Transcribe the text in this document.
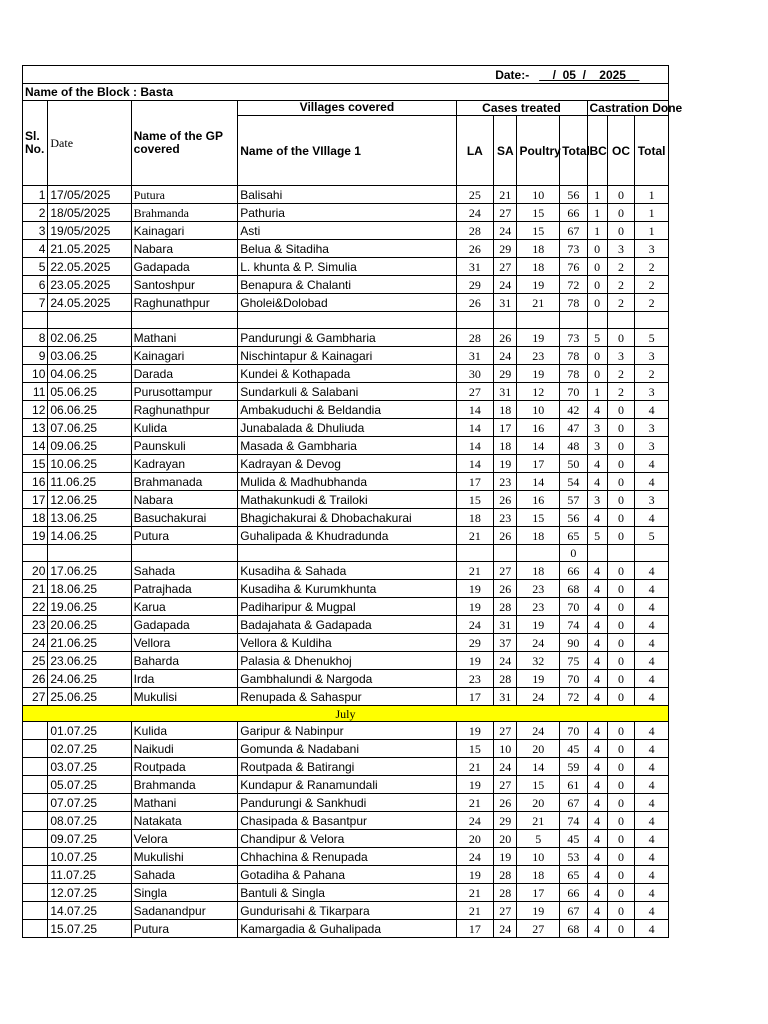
Date:- __/_05_/__2025__										
Name of the Block : Basta										
Sl. No.	Date	Name of the GP covered	Villages covered	Cases treated				Castration Done		
			Name of the VIllage 1	LA	SA	Poultry	Total	BC	OC	Total
1	17/05/2025	Putura	Balisahi	25	21	10	56	1	0	1
2	18/05/2025	Brahmanda	Pathuria	24	27	15	66	1	0	1
3	19/05/2025	Kainagari	Asti	28	24	15	67	1	0	1
4	21.05.2025	Nabara	Belua & Sitadiha	26	29	18	73	0	3	3
5	22.05.2025	Gadapada	L. khunta & P. Simulia	31	27	18	76	0	2	2
6	23.05.2025	Santoshpur	Benapura & Chalanti	29	24	19	72	0	2	2
7	24.05.2025	Raghunathpur	Gholei&Dolobad	26	31	21	78	0	2	2

8	02.06.25	Mathani	Pandurungi & Gambharia	28	26	19	73	5	0	5
9	03.06.25	Kainagari	Nischintapur & Kainagari	31	24	23	78	0	3	3
10	04.06.25	Darada	Kundei & Kothapada	30	29	19	78	0	2	2
11	05.06.25	Purusottampur	Sundarkuli & Salabani	27	31	12	70	1	2	3
12	06.06.25	Raghunathpur	Ambakuduchi & Beldandia	14	18	10	42	4	0	4
13	07.06.25	Kulida	Junabalada & Dhuliuda	14	17	16	47	3	0	3
14	09.06.25	Paunskuli	Masada & Gambharia	14	18	14	48	3	0	3
15	10.06.25	Kadrayan	Kadrayan & Devog	14	19	17	50	4	0	4
16	11.06.25	Brahmanada	Mulida & Madhubhanda	17	23	14	54	4	0	4
17	12.06.25	Nabara	Mathakunkudi & Trailoki	15	26	16	57	3	0	3
18	13.06.25	Basuchakurai	Bhagichakurai & Dhobachakurai	18	23	15	56	4	0	4
19	14.06.25	Putura	Guhalipada & Khudradunda	21	26	18	65	5	0	5
							0			
20	17.06.25	Sahada	Kusadiha & Sahada	21	27	18	66	4	0	4
21	18.06.25	Patrajhada	Kusadiha & Kurumkhunta	19	26	23	68	4	0	4
22	19.06.25	Karua	Padiharipur & Mugpal	19	28	23	70	4	0	4
23	20.06.25	Gadapada	Badajahata & Gadapada	24	31	19	74	4	0	4
24	21.06.25	Vellora	Vellora & Kuldiha	29	37	24	90	4	0	4
25	23.06.25	Baharda	Palasia & Dhenukhoj	19	24	32	75	4	0	4
26	24.06.25	Irda	Gambhalundi & Nargoda	23	28	19	70	4	0	4
27	25.06.25	Mukulisi	Renupada & Sahaspur	17	31	24	72	4	0	4
July										
	01.07.25	Kulida	Garipur & Nabinpur	19	27	24	70	4	0	4
	02.07.25	Naikudi	Gomunda & Nadabani	15	10	20	45	4	0	4
	03.07.25	Routpada	Routpada & Batirangi	21	24	14	59	4	0	4
	05.07.25	Brahmanda	Kundapur & Ranamundali	19	27	15	61	4	0	4
	07.07.25	Mathani	Pandurungi & Sankhudi	21	26	20	67	4	0	4
	08.07.25	Natakata	Chasipada & Basantpur	24	29	21	74	4	0	4
	09.07.25	Velora	Chandipur & Velora	20	20	5	45	4	0	4
	10.07.25	Mukulishi	Chhachina & Renupada	24	19	10	53	4	0	4
	11.07.25	Sahada	Gotadiha & Pahana	19	28	18	65	4	0	4
	12.07.25	Singla	Bantuli & Singla	21	28	17	66	4	0	4
	14.07.25	Sadanandpur	Gundurisahi & Tikarpara	21	27	19	67	4	0	4
	15.07.25	Putura	Kamargadia & Guhalipada	17	24	27	68	4	0	4
